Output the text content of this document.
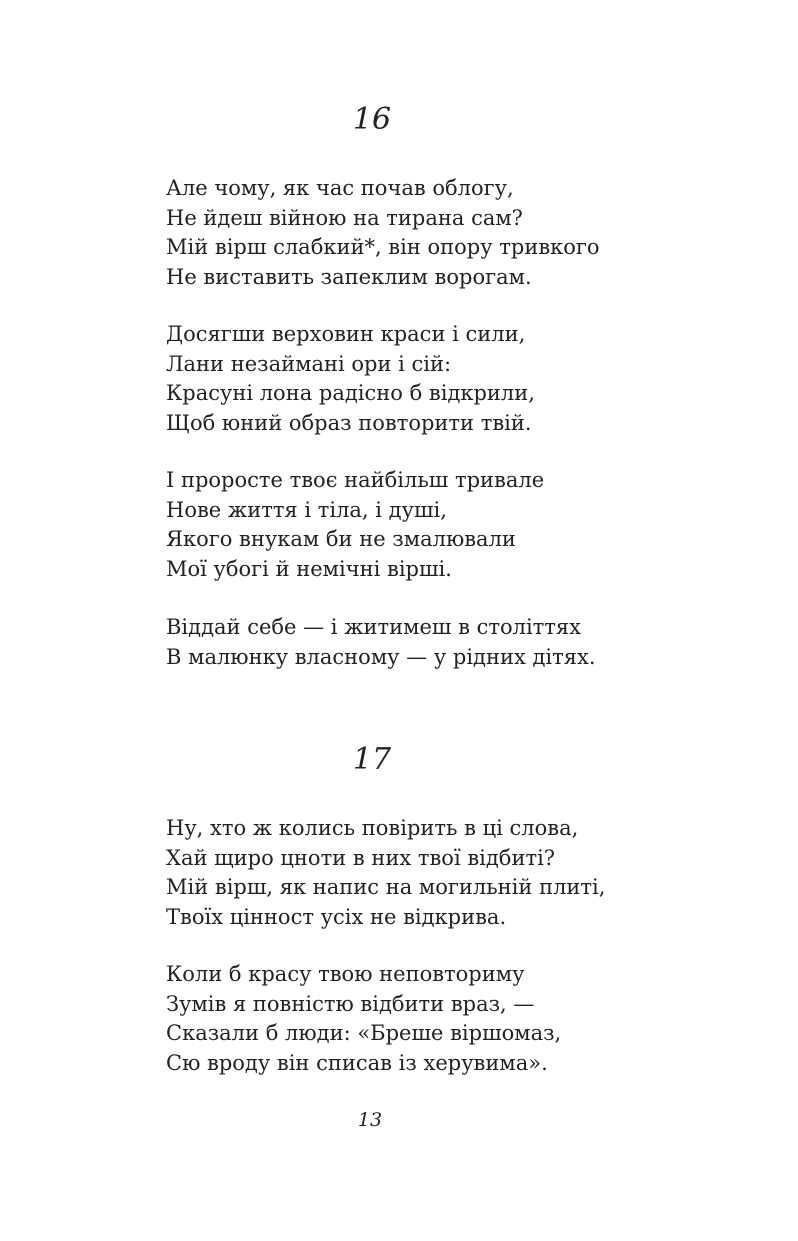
16
Але чому, як час почав облогу,
Не йдеш війною на тирана сам?
Мій вірш слабкий*, він опору тривкого
Не виставить запеклим ворогам.
Досягши верховин краси і сили,
Лани незаймані ори і сій:
Красуні лона радісно б відкрили,
Щоб юний образ повторити твій.
І проросте твоє найбільш тривале
Нове життя і тіла, і душі,
Якого внукам би не змалювали
Мої убогі й немічні вірші.
Віддай себе — і житимеш в століттях
В малюнку власному — у рідних дітях.
17
Ну, хто ж колись повірить в ці слова,
Хай щиро цноти в них твої відбиті?
Мій вірш, як напис на могильній плиті,
Твоїх цінност усіх не відкрива.
Коли б красу твою неповториму
Зумів я повністю відбити враз, —
Сказали б люди: «Бреше віршомаз,
Сю вроду він списав із херувима».
13
